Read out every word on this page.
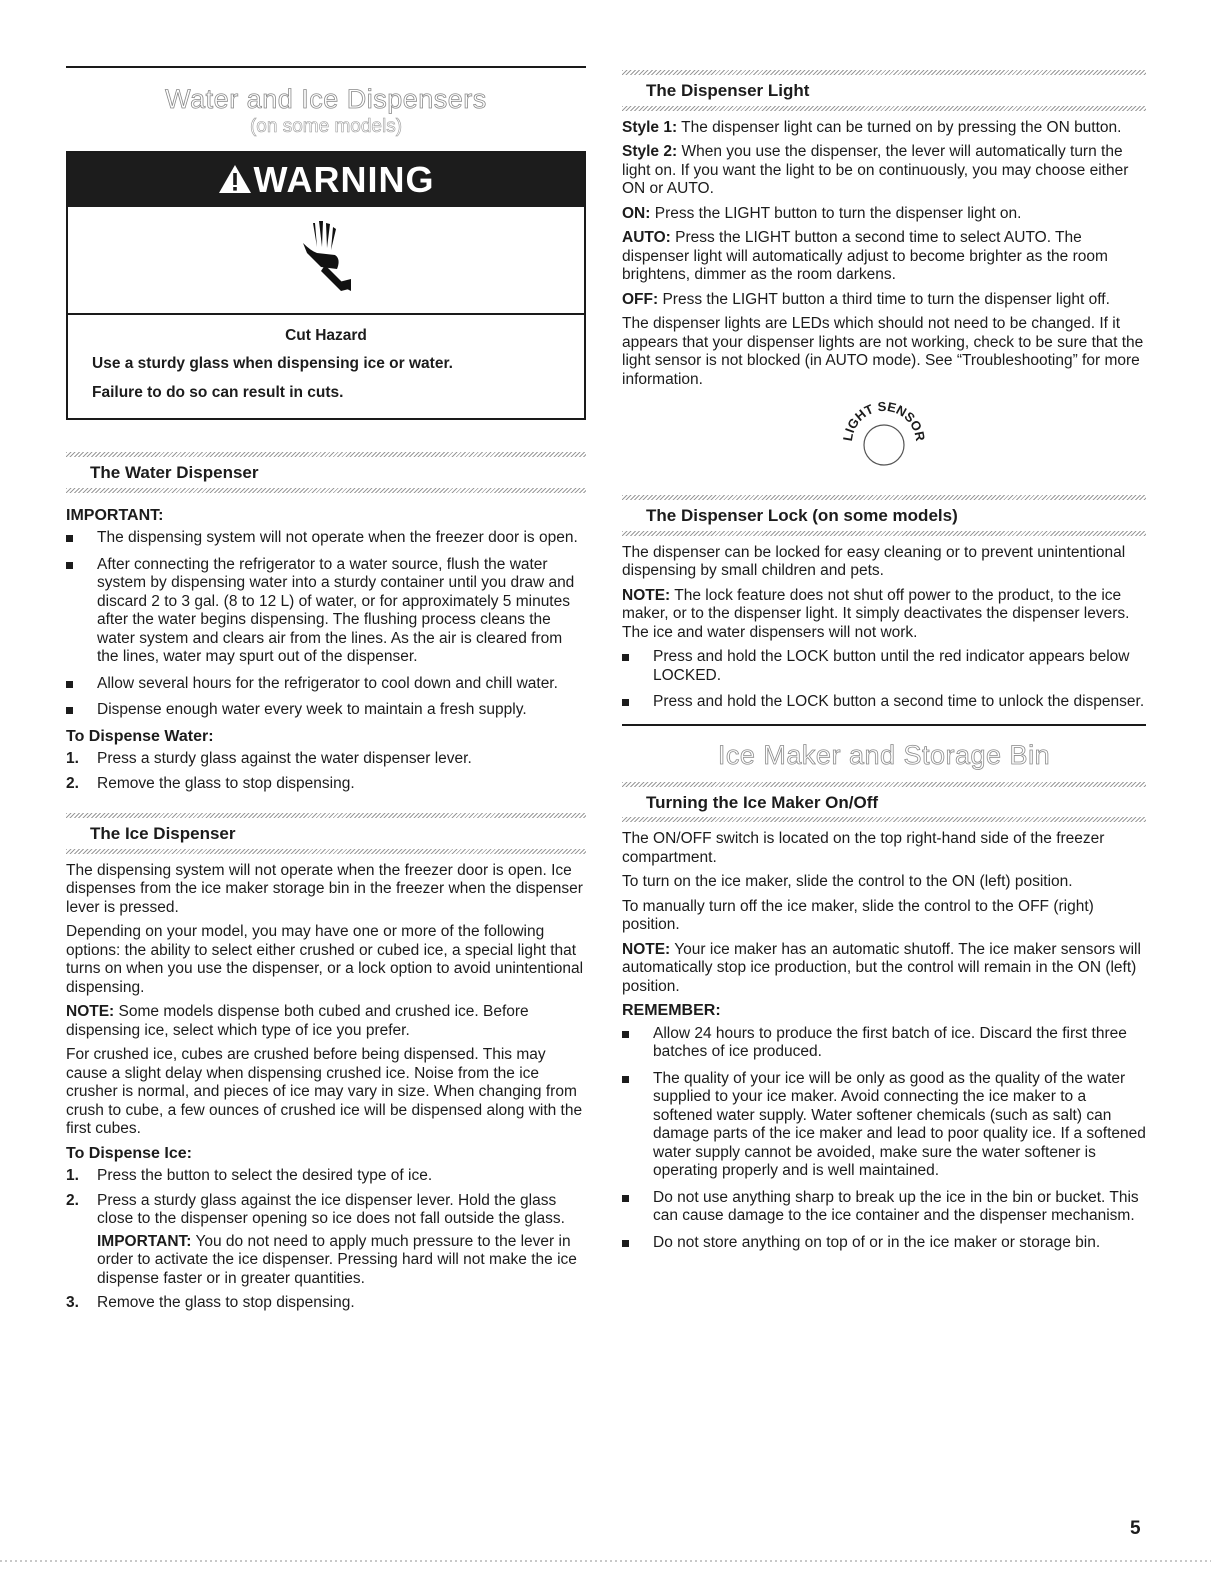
Water and Ice Dispensers
(on some models)
WARNING
Cut Hazard

Use a sturdy glass when dispensing ice or water.

Failure to do so can result in cuts.

The Water Dispenser
IMPORTANT:
The dispensing system will not operate when the freezer door is open.
After connecting the refrigerator to a water source, flush the water system by dispensing water into a sturdy container until you draw and discard 2 to 3 gal. (8 to 12 L) of water, or for approximately 5 minutes after the water begins dispensing. The flushing process cleans the water system and clears air from the lines. As the air is cleared from the lines, water may spurt out of the dispenser.
Allow several hours for the refrigerator to cool down and chill water.
Dispense enough water every week to maintain a fresh supply.
To Dispense Water:
1. Press a sturdy glass against the water dispenser lever.
2. Remove the glass to stop dispensing.
The Ice Dispenser

The dispensing system will not operate when the freezer door is open. Ice dispenses from the ice maker storage bin in the freezer when the dispenser lever is pressed.

Depending on your model, you may have one or more of the following options: the ability to select either crushed or cubed ice, a special light that turns on when you use the dispenser, or a lock option to avoid unintentional dispensing.

NOTE: Some models dispense both cubed and crushed ice. Before dispensing ice, select which type of ice you prefer.

For crushed ice, cubes are crushed before being dispensed. This may cause a slight delay when dispensing crushed ice. Noise from the ice crusher is normal, and pieces of ice may vary in size. When changing from crush to cube, a few ounces of crushed ice will be dispensed along with the first cubes.

To Dispense Ice:
1. Press the button to select the desired type of ice.
2. Press a sturdy glass against the ice dispenser lever. Hold the glass close to the dispenser opening so ice does not fall outside the glass.

IMPORTANT: You do not need to apply much pressure to the lever in order to activate the ice dispenser. Pressing hard will not make the ice dispense faster or in greater quantities.

3. Remove the glass to stop dispensing.
The Dispenser Light

Style 1: The dispenser light can be turned on by pressing the ON button.

Style 2: When you use the dispenser, the lever will automatically turn the light on. If you want the light to be on continuously, you may choose either ON or AUTO.

ON: Press the LIGHT button to turn the dispenser light on.

AUTO: Press the LIGHT button a second time to select AUTO. The dispenser light will automatically adjust to become brighter as the room brightens, dimmer as the room darkens.

OFF: Press the LIGHT button a third time to turn the dispenser light off.

The dispenser lights are LEDs which should not need to be changed. If it appears that your dispenser lights are not working, check to be sure that the light sensor is not blocked (in AUTO mode). See “Troubleshooting” for more information.

LIGHT SENSOR
The Dispenser Lock (on some models)

The dispenser can be locked for easy cleaning or to prevent unintentional dispensing by small children and pets.

NOTE: The lock feature does not shut off power to the product, to the ice maker, or to the dispenser light. It simply deactivates the dispenser levers. The ice and water dispensers will not work.

Press and hold the LOCK button until the red indicator appears below LOCKED.
Press and hold the LOCK button a second time to unlock the dispenser.
Ice Maker and Storage Bin
Turning the Ice Maker On/Off

The ON/OFF switch is located on the top right-hand side of the freezer compartment.

To turn on the ice maker, slide the control to the ON (left) position.

To manually turn off the ice maker, slide the control to the OFF (right) position.

NOTE: Your ice maker has an automatic shutoff. The ice maker sensors will automatically stop ice production, but the control will remain in the ON (left) position.

REMEMBER:
Allow 24 hours to produce the first batch of ice. Discard the first three batches of ice produced.
The quality of your ice will be only as good as the quality of the water supplied to your ice maker. Avoid connecting the ice maker to a softened water supply. Water softener chemicals (such as salt) can damage parts of the ice maker and lead to poor quality ice. If a softened water supply cannot be avoided, make sure the water softener is operating properly and is well maintained.
Do not use anything sharp to break up the ice in the bin or bucket. This can cause damage to the ice container and the dispenser mechanism.
Do not store anything on top of or in the ice maker or storage bin.
5
